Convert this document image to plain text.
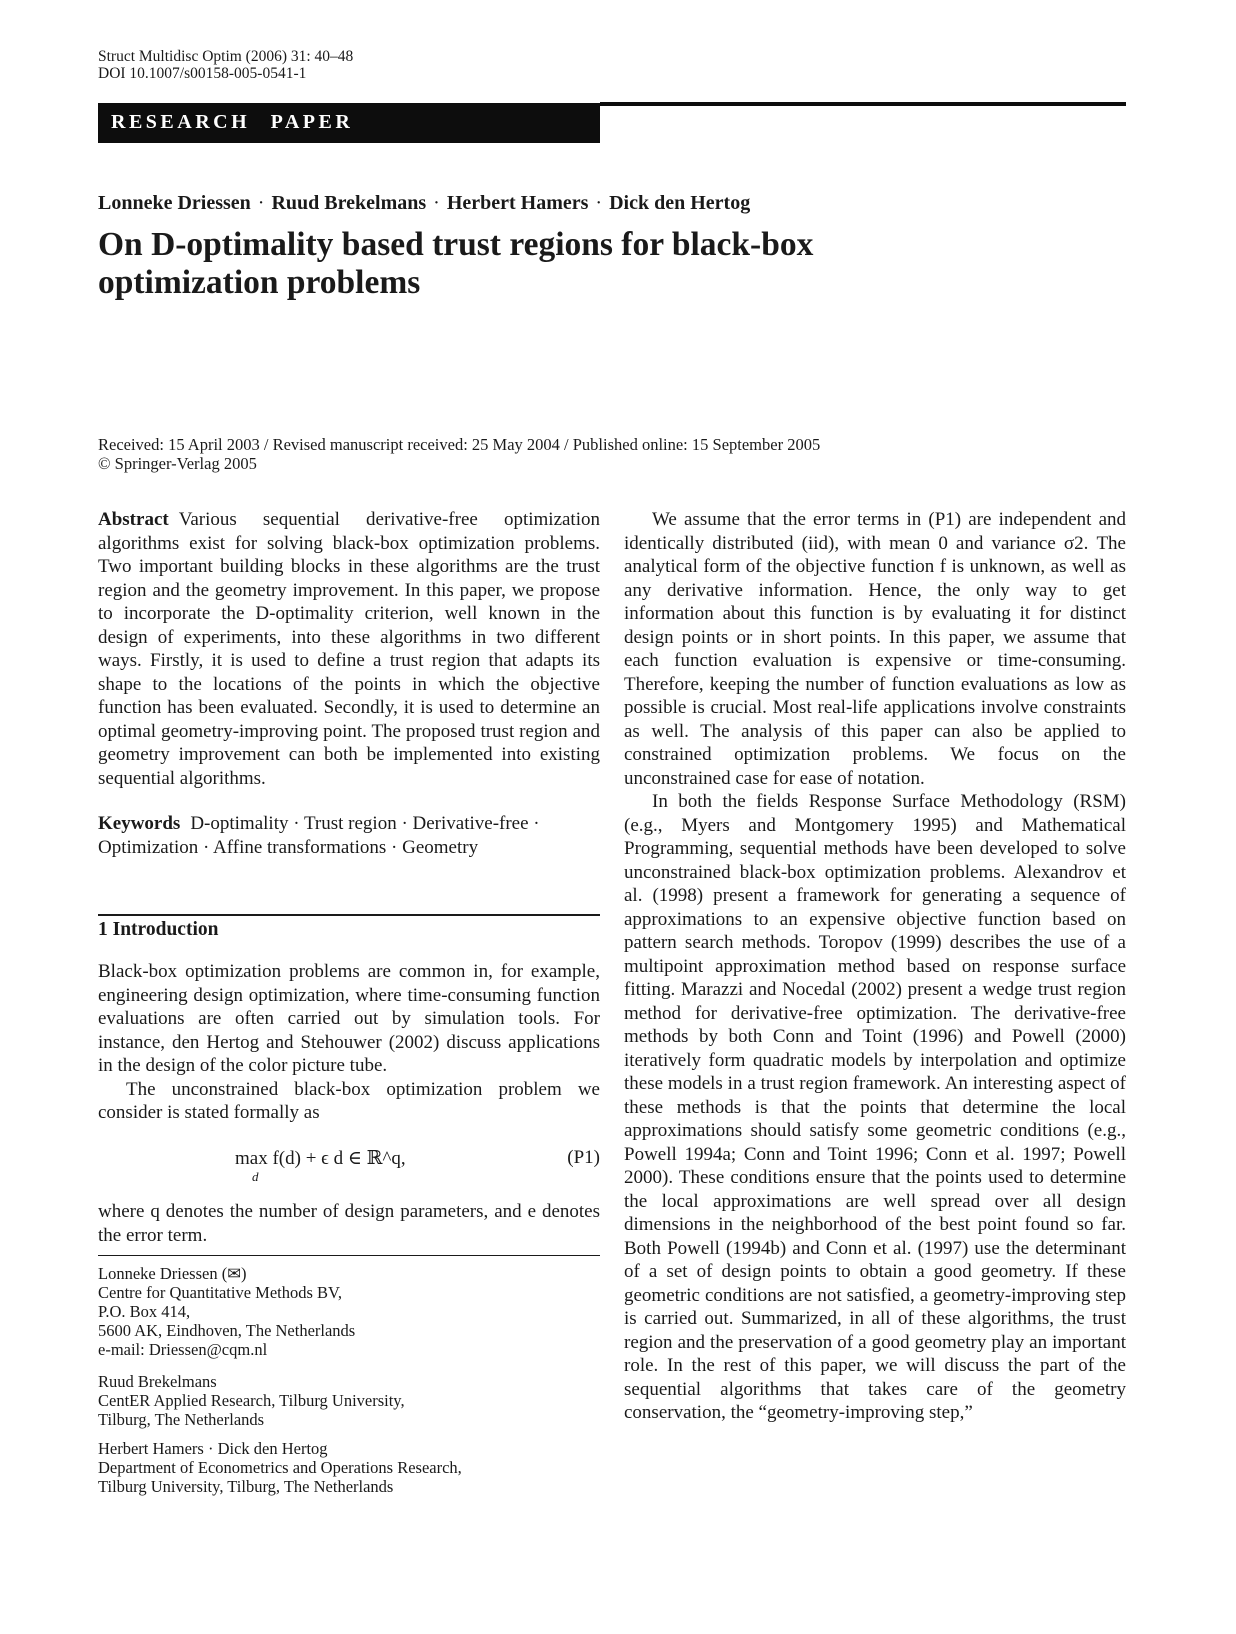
Struct Multidisc Optim (2006) 31: 40–48
DOI 10.1007/s00158-005-0541-1
RESEARCH PAPER
Lonneke Driessen · Ruud Brekelmans · Herbert Hamers · Dick den Hertog
On D-optimality based trust regions for black-box
optimization problems
Received: 15 April 2003 / Revised manuscript received: 25 May 2004 / Published online: 15 September 2005
© Springer-Verlag 2005

Abstract Various sequential derivative-free optimization algorithms exist for solving black-box optimization problems. Two important building blocks in these algorithms are the trust region and the geometry improvement. In this paper, we propose to incorporate the D-optimality criterion, well known in the design of experiments, into these algorithms in two different ways. Firstly, it is used to define a trust region that adapts its shape to the locations of the points in which the objective function has been evaluated. Secondly, it is used to determine an optimal geometry-improving point. The proposed trust region and geometry improvement can both be implemented into existing sequential algorithms.

Keywords D-optimality · Trust region · Derivative-free ·
Optimization · Affine transformations · Geometry
1 Introduction

Black-box optimization problems are common in, for example, engineering design optimization, where time-consuming function evaluations are often carried out by simulation tools. For instance, den Hertog and Stehouwer (2002) discuss applications in the design of the color picture tube.

The unconstrained black-box optimization problem we consider is stated formally as

max f(d) + ϵ d ∈ ℝ^q,
d
(P1)

where q denotes the number of design parameters, and e denotes the error term.

Lonneke Driessen (✉)

Centre for Quantitative Methods BV,

P.O. Box 414,

5600 AK, Eindhoven, The Netherlands

e-mail: Driessen@cqm.nl

Ruud Brekelmans

CentER Applied Research, Tilburg University,

Tilburg, The Netherlands

Herbert Hamers · Dick den Hertog

Department of Econometrics and Operations Research,

Tilburg University, Tilburg, The Netherlands

We assume that the error terms in (P1) are independent and identically distributed (iid), with mean 0 and variance σ2. The analytical form of the objective function f is unknown, as well as any derivative information. Hence, the only way to get information about this function is by evaluating it for distinct design points or in short points. In this paper, we assume that each function evaluation is expensive or time-consuming. Therefore, keeping the number of function evaluations as low as possible is crucial. Most real-life applications involve constraints as well. The analysis of this paper can also be applied to constrained optimization problems. We focus on the unconstrained case for ease of notation.

In both the fields Response Surface Methodology (RSM) (e.g., Myers and Montgomery 1995) and Mathematical Programming, sequential methods have been developed to solve unconstrained black-box optimization problems. Alexandrov et al. (1998) present a framework for generating a sequence of approximations to an expensive objective function based on pattern search methods. Toropov (1999) describes the use of a multipoint approximation method based on response surface fitting. Marazzi and Nocedal (2002) present a wedge trust region method for derivative-free optimization. The derivative-free methods by both Conn and Toint (1996) and Powell (2000) iteratively form quadratic models by interpolation and optimize these models in a trust region framework. An interesting aspect of these methods is that the points that determine the local approximations should satisfy some geometric conditions (e.g., Powell 1994a; Conn and Toint 1996; Conn et al. 1997; Powell 2000). These conditions ensure that the points used to determine the local approximations are well spread over all design dimensions in the neighborhood of the best point found so far. Both Powell (1994b) and Conn et al. (1997) use the determinant of a set of design points to obtain a good geometry. If these geometric conditions are not satisfied, a geometry-improving step is carried out. Summarized, in all of these algorithms, the trust region and the preservation of a good geometry play an important role. In the rest of this paper, we will discuss the part of the sequential algorithms that takes care of the geometry conservation, the “geometry-improving step,”
